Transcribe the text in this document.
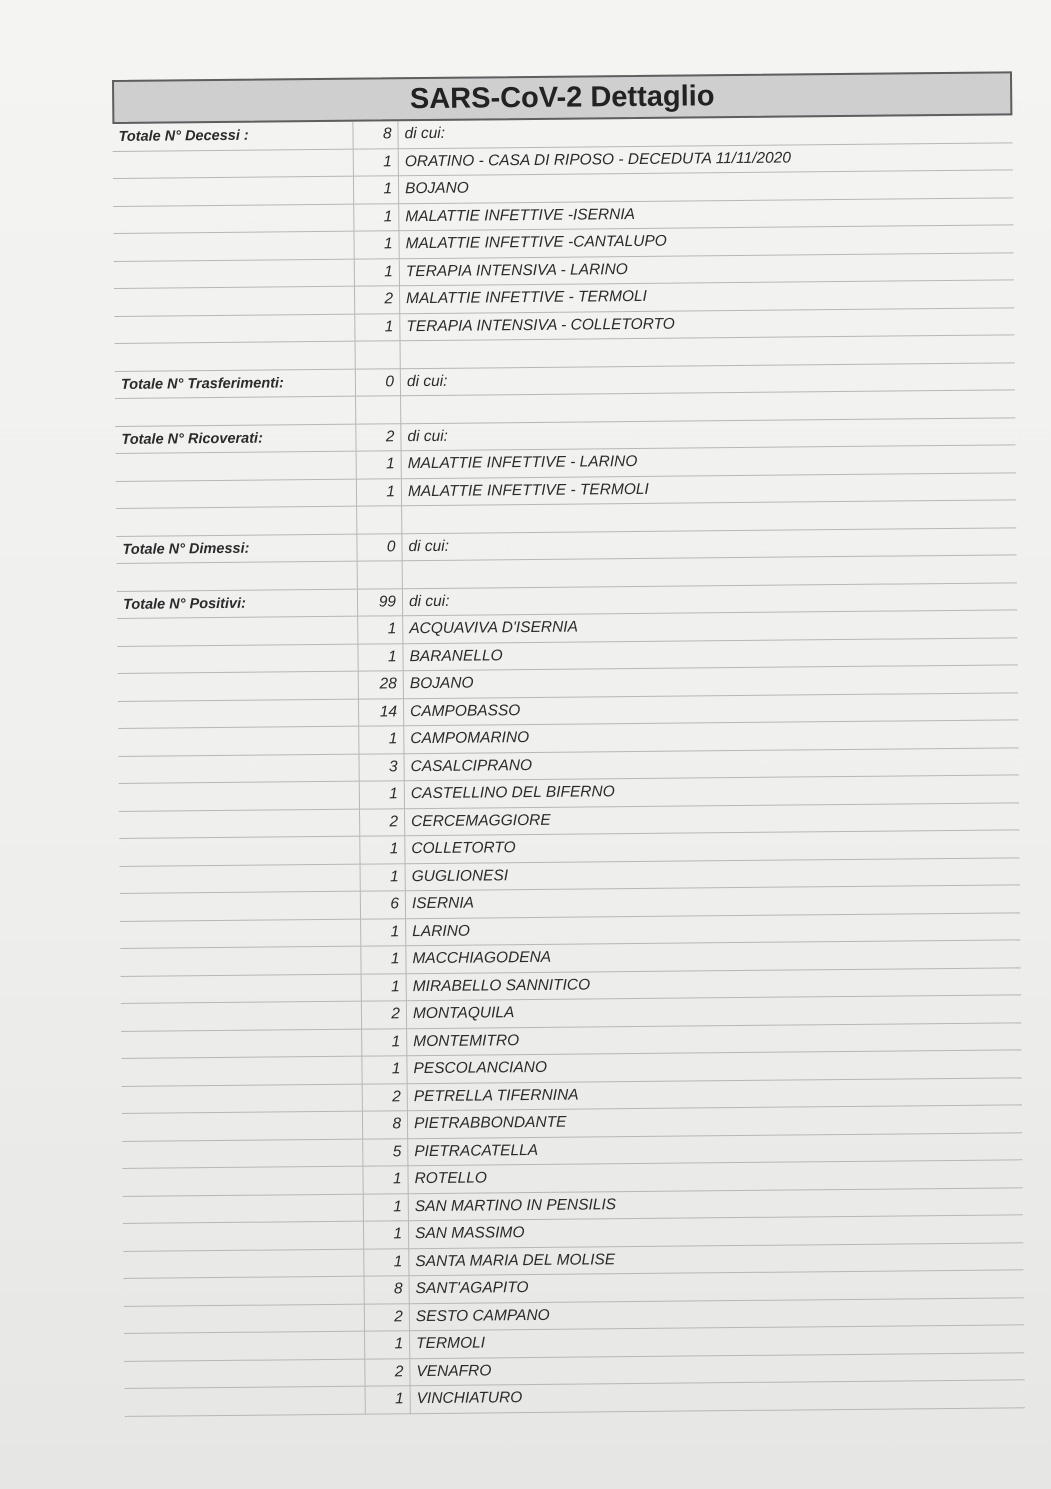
SARS-CoV-2 Dettaglio
Totale N° Decessi :	8	di cui:
	1	ORATINO - CASA DI RIPOSO - DECEDUTA 11/11/2020
	1	BOJANO
	1	MALATTIE INFETTIVE -ISERNIA
	1	MALATTIE INFETTIVE -CANTALUPO
	1	TERAPIA INTENSIVA - LARINO
	2	MALATTIE INFETTIVE - TERMOLI
	1	TERAPIA INTENSIVA - COLLETORTO

Totale N° Trasferimenti:	0	di cui:

Totale N° Ricoverati:	2	di cui:
	1	MALATTIE INFETTIVE - LARINO
	1	MALATTIE INFETTIVE - TERMOLI

Totale N° Dimessi:	0	di cui:

Totale N° Positivi:	99	di cui:
	1	ACQUAVIVA D'ISERNIA
	1	BARANELLO
	28	BOJANO
	14	CAMPOBASSO
	1	CAMPOMARINO
	3	CASALCIPRANO
	1	CASTELLINO DEL BIFERNO
	2	CERCEMAGGIORE
	1	COLLETORTO
	1	GUGLIONESI
	6	ISERNIA
	1	LARINO
	1	MACCHIAGODENA
	1	MIRABELLO SANNITICO
	2	MONTAQUILA
	1	MONTEMITRO
	1	PESCOLANCIANO
	2	PETRELLA TIFERNINA
	8	PIETRABBONDANTE
	5	PIETRACATELLA
	1	ROTELLO
	1	SAN MARTINO IN PENSILIS
	1	SAN MASSIMO
	1	SANTA MARIA DEL MOLISE
	8	SANT'AGAPITO
	2	SESTO CAMPANO
	1	TERMOLI
	2	VENAFRO
	1	VINCHIATURO
